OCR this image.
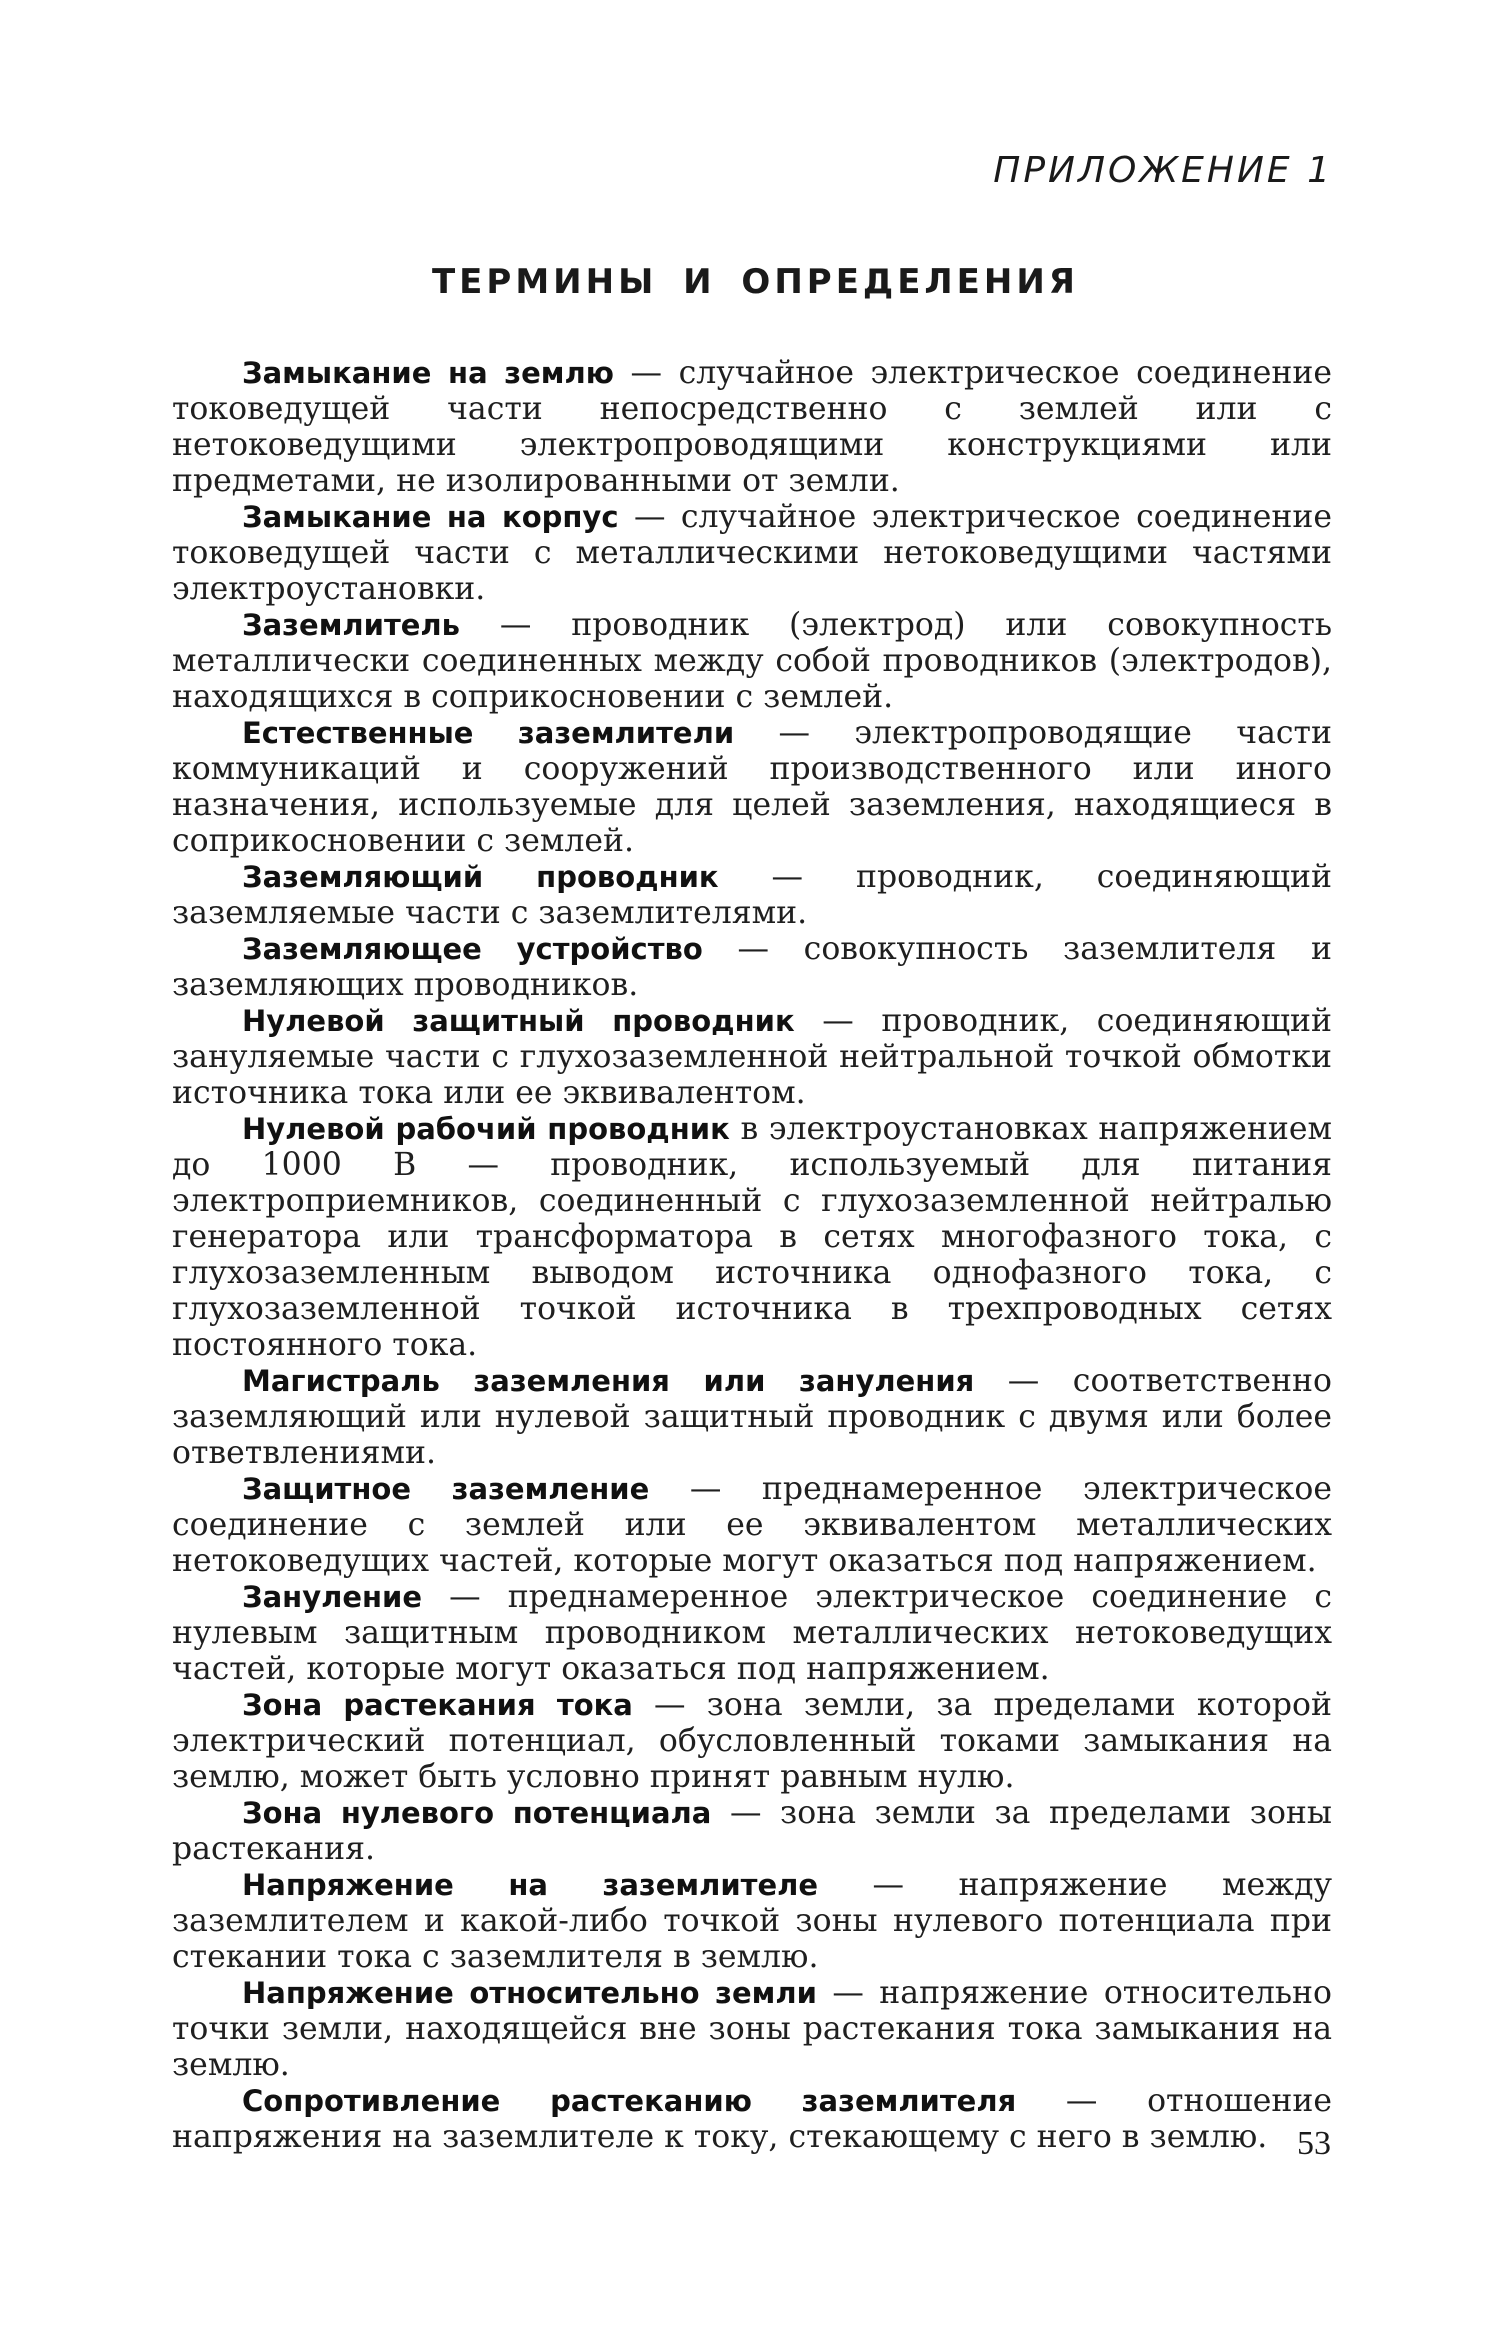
ПРИЛОЖЕНИЕ 1
ТЕРМИНЫ И ОПРЕДЕЛЕНИЯ

Замыкание на землю — случайное электрическое соединение токоведущей части непосредственно с землей или с нетоковедущими электропроводящими конструкциями или предметами, не изолированными от земли.

Замыкание на корпус — случайное электрическое соединение токоведущей части с металлическими нетоковедущими частями электроустановки.

Заземлитель — проводник (электрод) или совокупность металлически соединенных между собой проводников (электродов), находящихся в соприкосновении с землей.

Естественные заземлители — электропроводящие части коммуникаций и сооружений производственного или иного назначения, используемые для целей заземления, находящиеся в соприкосновении с землей.

Заземляющий проводник — проводник, соединяющий заземляемые части с заземлителями.

Заземляющее устройство — совокупность заземлителя и заземляющих проводников.

Нулевой защитный проводник — проводник, соединяющий зануляемые части с глухозаземленной нейтральной точкой обмотки источника тока или ее эквивалентом.

Нулевой рабочий проводник в электроустановках напряжением до 1000 В — проводник, используемый для питания электроприемников, соединенный с глухозаземленной нейтралью генератора или трансформатора в сетях многофазного тока, с глухозаземленным выводом источника однофазного тока, с глухозаземленной точкой источника в трехпроводных сетях постоянного тока.

Магистраль заземления или зануления — соответственно заземляющий или нулевой защитный проводник с двумя или более ответвлениями.

Защитное заземление — преднамеренное электрическое соединение с землей или ее эквивалентом металлических нетоковедущих частей, которые могут оказаться под напряжением.

Зануление — преднамеренное электрическое соединение с нулевым защитным проводником металлических нетоковедущих частей, которые могут оказаться под напряжением.

Зона растекания тока — зона земли, за пределами которой электрический потенциал, обусловленный токами замыкания на землю, может быть условно принят равным нулю.

Зона нулевого потенциала — зона земли за пределами зоны растекания.

Напряжение на заземлителе — напряжение между заземлителем и какой-либо точкой зоны нулевого потенциала при стекании тока с заземлителя в землю.

Напряжение относительно земли — напряжение относительно точки земли, находящейся вне зоны растекания тока замыкания на землю.

Сопротивление растеканию заземлителя — отношение напряжения на заземлителе к току, стекающему с него в землю. 53
